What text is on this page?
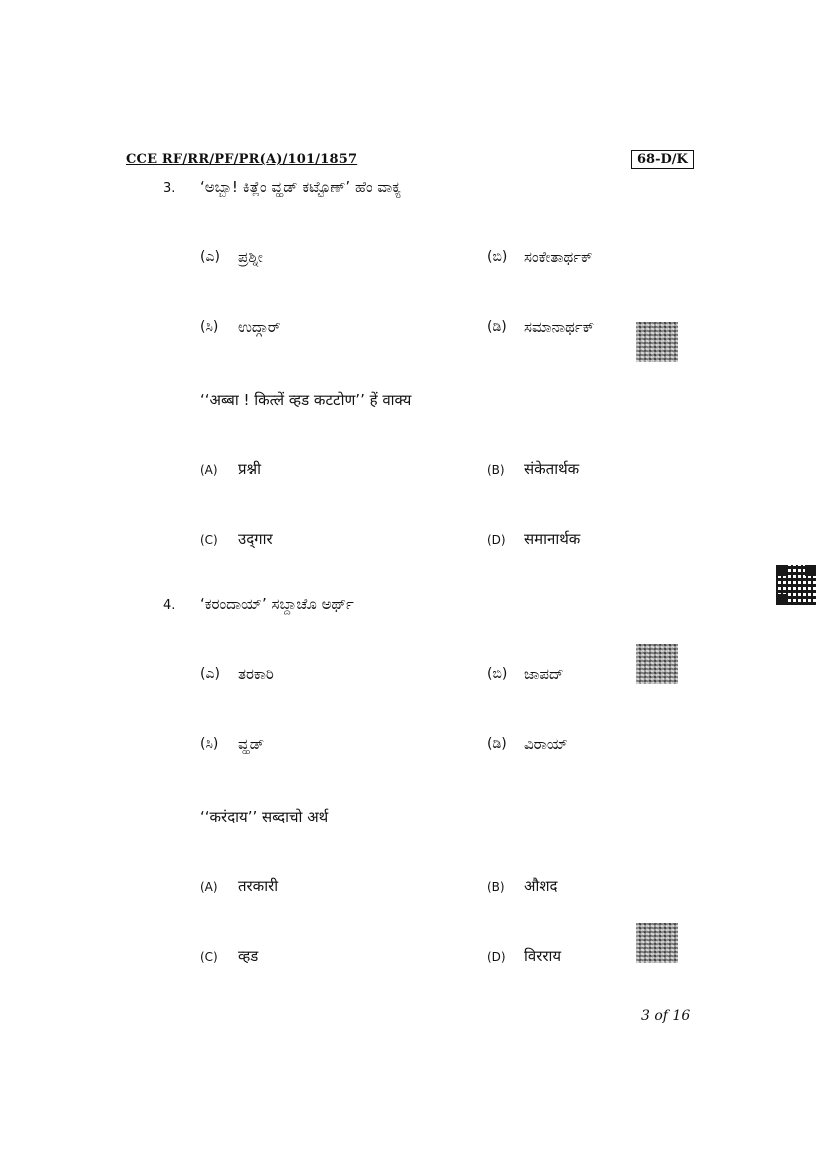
CCE RF/RR/PF/PR(A)/101/1857	68-D/K
3. ‘ಅಬ್ಬಾ! ಕಿತ್ಲೆಂ ವ್ಹಡ್ ಕಟ್ಟೊಣ್’ ಹೆಂ ವಾಕ್ಯ
(ಎ) ಪ್ರಶ್ನೀ	(ಬಿ) ಸಂಕೇತಾರ್ಥಕ್
(ಸಿ) ಉದ್ಗಾರ್	(ಡಿ) ಸಮಾನಾರ್ಥಕ್
‘‘अब्बा ! कित्लें व्हड कटटोण’’ हें वाक्य
(A) प्रश्नी	(B) संकेतार्थक
(C) उद्‌गार	(D) समानार्थक
4. ‘ಕರಂದಾಯ್’ ಸಬ್ದಾಚೊ ಅರ್ಥ್
(ಎ) ತರಕಾರಿ	(ಬಿ) ಜಾಪದ್
(ಸಿ) ವ್ಹಡ್	(ಡಿ) ವಿರಾಯ್
‘‘करंदाय’’ सब्दाचो अर्थ
(A) तरकारी	(B) औशद
(C) व्हड	(D) विरराय
3 of 16
